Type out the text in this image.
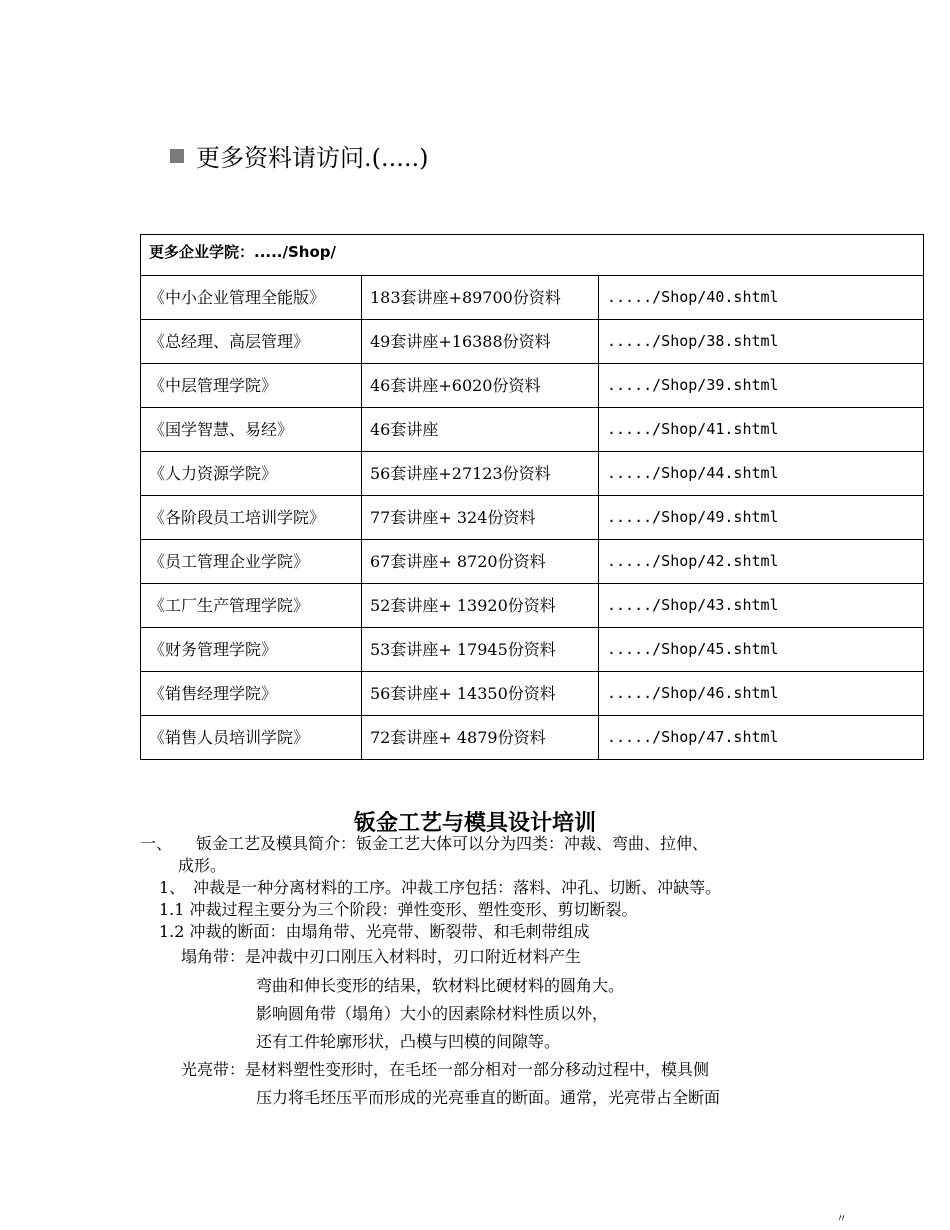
更多资料请访问.(.....)
更多企业学院：...../Shop/		
《中小企业管理全能版》	183套讲座+89700份资料	...../Shop/40.shtml
《总经理、高层管理》	49套讲座+16388份资料	...../Shop/38.shtml
《中层管理学院》	46套讲座+6020份资料	...../Shop/39.shtml
《国学智慧、易经》	46套讲座	...../Shop/41.shtml
《人力资源学院》	56套讲座+27123份资料	...../Shop/44.shtml
《各阶段员工培训学院》	77套讲座+ 324份资料	...../Shop/49.shtml
《员工管理企业学院》	67套讲座+ 8720份资料	...../Shop/42.shtml
《工厂生产管理学院》	52套讲座+ 13920份资料	...../Shop/43.shtml
《财务管理学院》	53套讲座+ 17945份资料	...../Shop/45.shtml
《销售经理学院》	56套讲座+ 14350份资料	...../Shop/46.shtml
《销售人员培训学院》	72套讲座+ 4879份资料	...../Shop/47.shtml
钣金工艺与模具设计培训
一、　　钣金工艺及模具简介：钣金工艺大体可以分为四类：冲裁、弯曲、拉伸、
成形。
1、　冲裁是一种分离材料的工序。冲裁工序包括：落料、冲孔、切断、冲缺等。
1.1 冲裁过程主要分为三个阶段：弹性变形、塑性变形、剪切断裂。
1.2 冲裁的断面：由塌角带、光亮带、断裂带、和毛刺带组成
塌角带：是冲裁中刃口刚压入材料时，刃口附近材料产生
弯曲和伸长变形的结果，软材料比硬材料的圆角大。
影响圆角带（塌角）大小的因素除材料性质以外，
还有工件轮廓形状，凸模与凹模的间隙等。
光亮带：是材料塑性变形时，在毛坯一部分相对一部分移动过程中，模具侧
压力将毛坯压平而形成的光亮垂直的断面。通常，光亮带占全断面
〃
